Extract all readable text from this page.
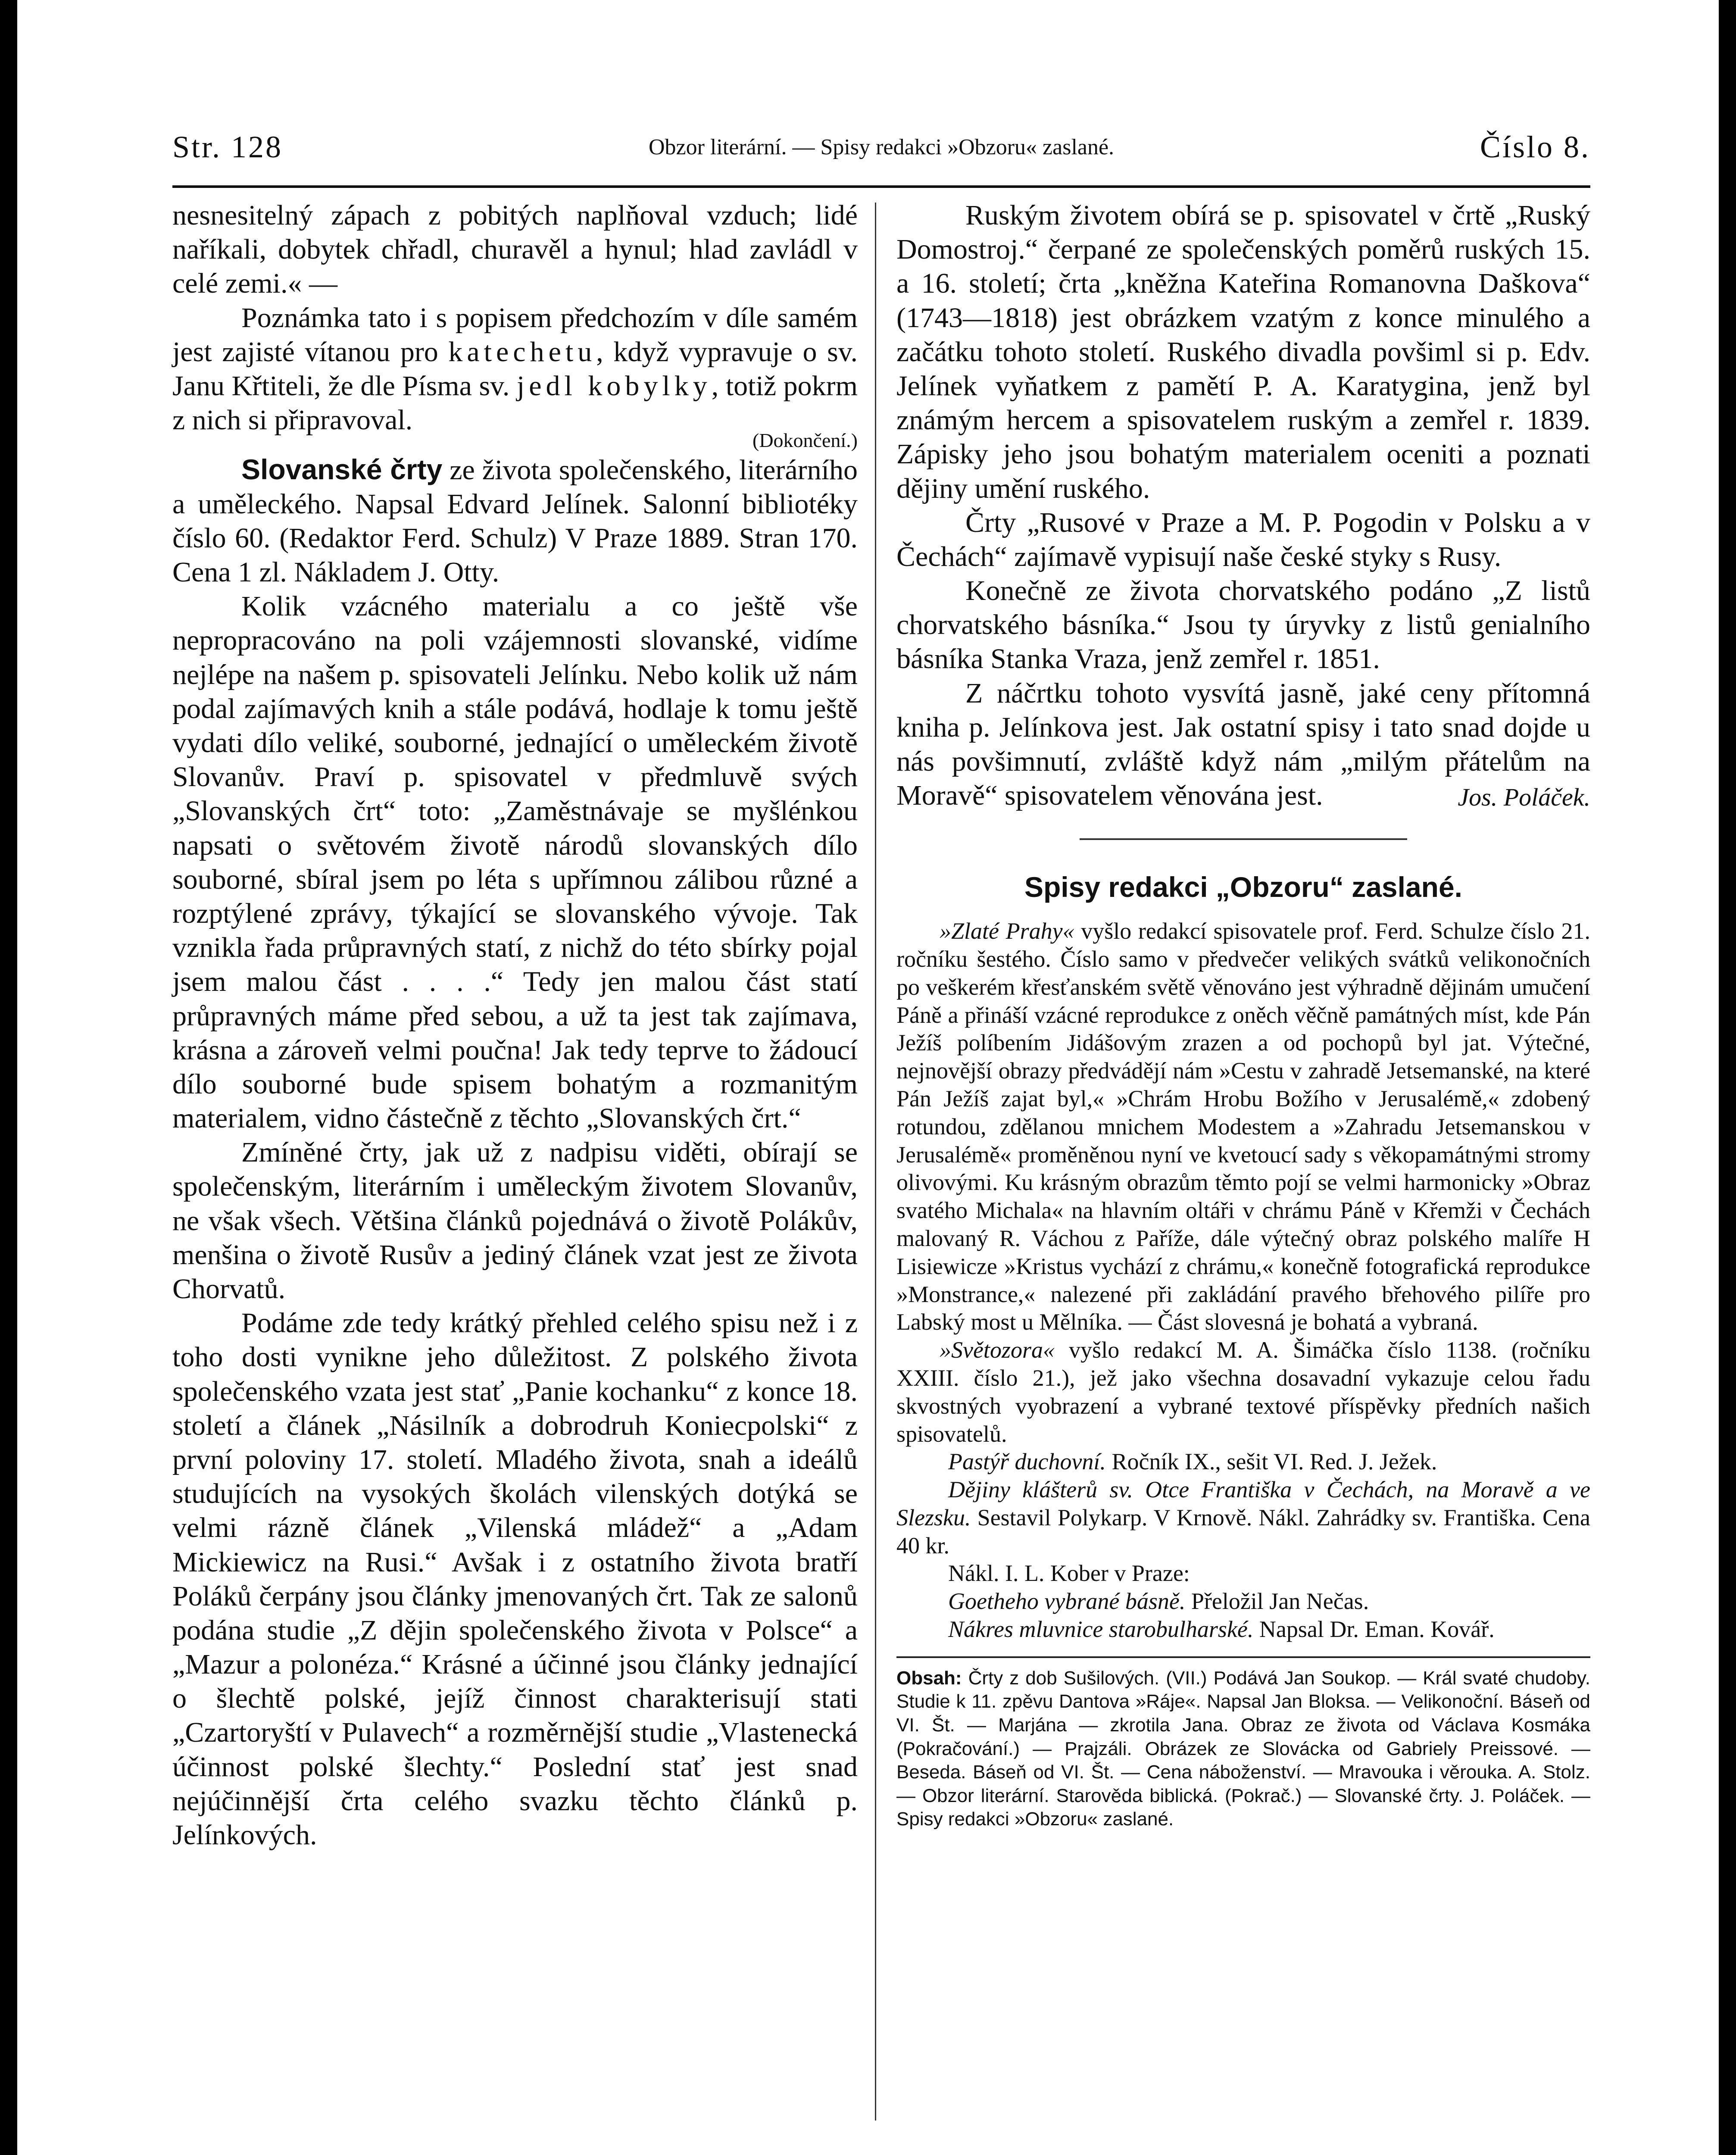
Str. 128	Obzor literární. — Spisy redakci »Obzoru« zaslané.	Číslo 8.

nesnesitelný zápach z pobitých naplňoval vzduch; lidé naříkali, dobytek chřadl, churavěl a hynul; hlad zavládl v celé zemi.« —

Poznámka tato i s popisem předchozím v díle samém jest zajisté vítanou pro katechetu, když vypravuje o sv. Janu Křtiteli, že dle Písma sv. jedl kobylky, totiž pokrm z nich si připravoval.

(Dokončení.)

Slovanské črty ze života společenského, literárního a uměleckého. Napsal Edvard Jelínek. Salonní bibliotéky číslo 60. (Redaktor Ferd. Schulz) V Praze 1889. Stran 170. Cena 1 zl. Nákladem J. Otty.

Kolik vzácného materialu a co ještě vše nepropracováno na poli vzájemnosti slovanské, vidíme nejlépe na našem p. spisovateli Jelínku. Nebo kolik už nám podal zajímavých knih a stále podává, hodlaje k tomu ještě vydati dílo veliké, souborné, jednající o uměleckém životě Slovanův. Praví p. spisovatel v předmluvě svých „Slovanských črt“ toto: „Zaměstnávaje se myšlénkou napsati o světovém životě národů slovanských dílo souborné, sbíral jsem po léta s upřímnou zálibou různé a rozptýlené zprávy, týkající se slovanského vývoje. Tak vznikla řada průpravných statí, z nichž do této sbírky pojal jsem malou část . . . .“ Tedy jen malou část statí průpravných máme před sebou, a už ta jest tak zajímava, krásna a zároveň velmi poučna! Jak tedy teprve to žádoucí dílo souborné bude spisem bohatým a rozmanitým materialem, vidno částečně z těchto „Slovanských črt.“

Zmíněné črty, jak už z nadpisu viděti, obírají se společenským, literárním i uměleckým životem Slovanův, ne však všech. Většina článků pojednává o životě Polákův, menšina o životě Rusův a jediný článek vzat jest ze života Chorvatů.

Podáme zde tedy krátký přehled celého spisu než i z toho dosti vynikne jeho důležitost. Z polského života společenského vzata jest stať „Panie kochanku“ z konce 18. století a článek „Násilník a dobrodruh Koniecpolski“ z první poloviny 17. století. Mladého života, snah a ideálů studujících na vysokých školách vilenských dotýká se velmi rázně článek „Vilenská mládež“ a „Adam Mickiewicz na Rusi.“ Avšak i z ostatního života bratří Poláků čerpány jsou články jmenovaných črt. Tak ze salonů podána studie „Z dějin společenského života v Polsce“ a „Mazur a polonéza.“ Krásné a účinné jsou články jednající o šlechtě polské, jejíž činnost charakterisují stati „Czartoryští v Pulavech“ a rozměrnější studie „Vlastenecká účinnost polské šlechty.“ Poslední stať jest snad nejúčinnější črta celého svazku těchto článků p. Jelínkových.

Ruským životem obírá se p. spisovatel v črtě „Ruský Domostroj.“ čerpané ze společenských poměrů ruských 15. a 16. století; črta „kněžna Kateřina Romanovna Daškova“ (1743—1818) jest obrázkem vzatým z konce minulého a začátku tohoto století. Ruského divadla povšiml si p. Edv. Jelínek vyňatkem z pamětí P. A. Karatygina, jenž byl známým hercem a spisovatelem ruským a zemřel r. 1839. Zápisky jeho jsou bohatým materialem oceniti a poznati dějiny umění ruského.

Črty „Rusové v Praze a M. P. Pogodin v Polsku a v Čechách“ zajímavě vypisují naše české styky s Rusy.

Konečně ze života chorvatského podáno „Z listů chorvatského básníka.“ Jsou ty úryvky z listů genialního básníka Stanka Vraza, jenž zemřel r. 1851.

Z náčrtku tohoto vysvítá jasně, jaké ceny přítomná kniha p. Jelínkova jest. Jak ostatní spisy i tato snad dojde u nás povšimnutí, zvláště když nám „milým přátelům na Moravě“ spisovatelem věnována jest.	Jos. Poláček.
Spisy redakci „Obzoru“ zaslané.

»Zlaté Prahy« vyšlo redakcí spisovatele prof. Ferd. Schulze číslo 21. ročníku šestého. Číslo samo v předvečer velikých svátků velikonočních po veškerém křesťanském světě věnováno jest výhradně dějinám umučení Páně a přináší vzácné reprodukce z oněch věčně památných míst, kde Pán Ježíš políbením Jidášovým zrazen a od pochopů byl jat. Výtečné, nejnovější obrazy předvádějí nám »Cestu v zahradě Jetsemanské, na které Pán Ježíš zajat byl,« »Chrám Hrobu Božího v Jerusalémě,« zdobený rotundou, zdělanou mnichem Modestem a »Zahradu Jetsemanskou v Jerusalémě« proměněnou nyní ve kvetoucí sady s věkopamátnými stromy olivovými. Ku krásným obrazům těmto pojí se velmi harmonicky »Obraz svatého Michala« na hlavním oltáři v chrámu Páně v Křemži v Čechách malovaný R. Váchou z Paříže, dále výtečný obraz polského malíře H Lisiewicze »Kristus vychází z chrámu,« konečně fotografická reprodukce »Monstrance,« nalezené při zakládání pravého břehového pilíře pro Labský most u Mělníka. — Část slovesná je bohatá a vybraná.

»Světozora« vyšlo redakcí M. A. Šimáčka číslo 1138. (ročníku XXIII. číslo 21.), jež jako všechna dosavadní vykazuje celou řadu skvostných vyobrazení a vybrané textové příspěvky předních našich spisovatelů.

Pastýř duchovní. Ročník IX., sešit VI. Red. J. Ježek.

Dějiny klášterů sv. Otce Františka v Čechách, na Moravě a ve Slezsku. Sestavil Polykarp. V Krnově. Nákl. Zahrádky sv. Františka. Cena 40 kr.

Nákl. I. L. Kober v Praze:

Goetheho vybrané básně. Přeložil Jan Nečas.

Nákres mluvnice starobulharské. Napsal Dr. Eman. Kovář.

Obsah: Črty z dob Sušilových. (VII.) Podává Jan Soukop. — Král svaté chudoby. Studie k 11. zpěvu Dantova »Ráje«. Napsal Jan Bloksa. — Velikonoční. Báseň od VI. Št. — Marjána — zkrotila Jana. Obraz ze života od Václava Kosmáka (Pokračování.) — Prajzáli. Obrázek ze Slovácka od Gabriely Preissové. — Beseda. Báseň od VI. Št. — Cena náboženství. — Mravouka i věrouka. A. Stolz. — Obzor literární. Starověda biblická. (Pokrač.) — Slovanské črty. J. Poláček. — Spisy redakci »Obzoru« zaslané.
